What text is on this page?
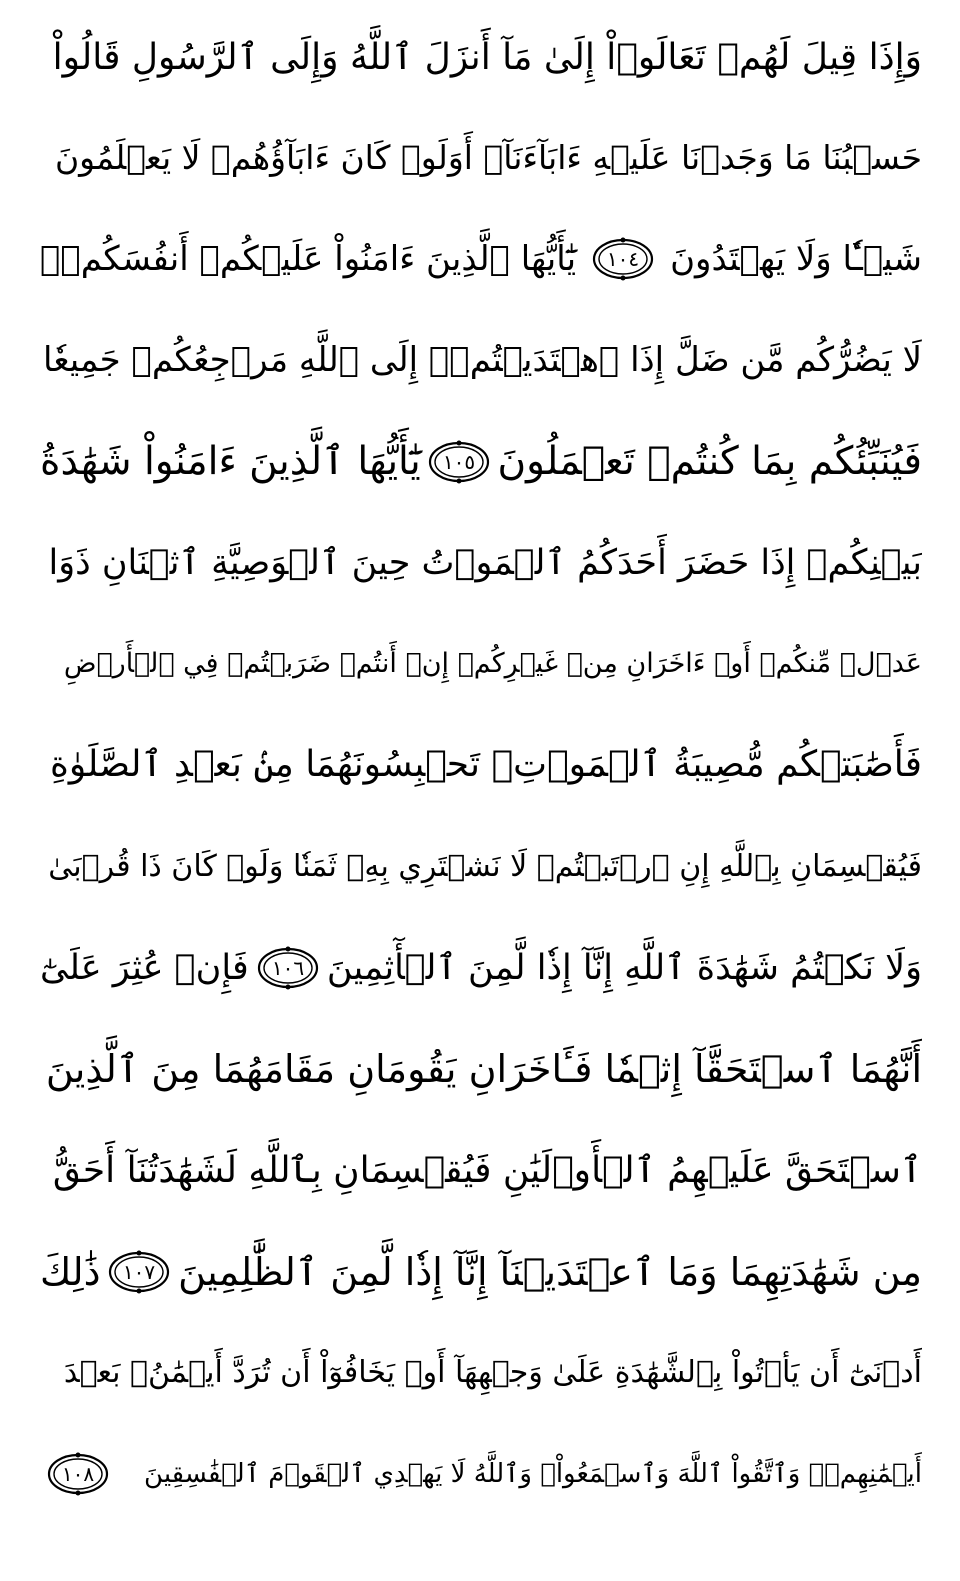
وَإِذَا قِيلَ لَهُمۡ تَعَالَوۡاْ إِلَىٰ مَآ أَنزَلَ ٱللَّهُ وَإِلَى ٱلرَّسُولِ قَالُواْ
حَسۡبُنَا مَا وَجَدۡنَا عَلَيۡهِ ءَابَآءَنَآۚ أَوَلَوۡ كَانَ ءَابَآؤُهُمۡ لَا يَعۡلَمُونَ
شَيۡـٔٗا وَلَا يَهۡتَدُونَ
١٠٤
يَٰٓأَيُّهَا ٱلَّذِينَ ءَامَنُواْ عَلَيۡكُمۡ أَنفُسَكُمۡۖ
لَا يَضُرُّكُم مَّن ضَلَّ إِذَا ٱهۡتَدَيۡتُمۡۚ إِلَى ٱللَّهِ مَرۡجِعُكُمۡ جَمِيعٗا
فَيُنَبِّئُكُم بِمَا كُنتُمۡ تَعۡمَلُونَ
١٠٥
يَٰٓأَيُّهَا ٱلَّذِينَ ءَامَنُواْ شَهَٰدَةُ
بَيۡنِكُمۡ إِذَا حَضَرَ أَحَدَكُمُ ٱلۡمَوۡتُ حِينَ ٱلۡوَصِيَّةِ ٱثۡنَانِ ذَوَا
عَدۡلٖ مِّنكُمۡ أَوۡ ءَاخَرَانِ مِنۡ غَيۡرِكُمۡ إِنۡ أَنتُمۡ ضَرَبۡتُمۡ فِي ٱلۡأَرۡضِ
فَأَصَٰبَتۡكُم مُّصِيبَةُ ٱلۡمَوۡتِۚ تَحۡبِسُونَهُمَا مِنۢ بَعۡدِ ٱلصَّلَوٰةِ
فَيُقۡسِمَانِ بِٱللَّهِ إِنِ ٱرۡتَبۡتُمۡ لَا نَشۡتَرِي بِهِۦ ثَمَنٗا وَلَوۡ كَانَ ذَا قُرۡبَىٰ
وَلَا نَكۡتُمُ شَهَٰدَةَ ٱللَّهِ إِنَّآ إِذٗا لَّمِنَ ٱلۡأٓثِمِينَ
١٠٦
فَإِنۡ عُثِرَ عَلَىٰٓ
أَنَّهُمَا ٱسۡتَحَقَّآ إِثۡمٗا فَـَٔاخَرَانِ يَقُومَانِ مَقَامَهُمَا مِنَ ٱلَّذِينَ
ٱسۡتَحَقَّ عَلَيۡهِمُ ٱلۡأَوۡلَيَٰنِ فَيُقۡسِمَانِ بِٱللَّهِ لَشَهَٰدَتُنَآ أَحَقُّ
مِن شَهَٰدَتِهِمَا وَمَا ٱعۡتَدَيۡنَآ إِنَّآ إِذٗا لَّمِنَ ٱلظَّٰلِمِينَ
١٠٧
ذَٰلِكَ
أَدۡنَىٰٓ أَن يَأۡتُواْ بِٱلشَّهَٰدَةِ عَلَىٰ وَجۡهِهَآ أَوۡ يَخَافُوٓاْ أَن تُرَدَّ أَيۡمَٰنُۢ بَعۡدَ
أَيۡمَٰنِهِمۡۗ وَٱتَّقُواْ ٱللَّهَ وَٱسۡمَعُواْۗ وَٱللَّهُ لَا يَهۡدِي ٱلۡقَوۡمَ ٱلۡفَٰسِقِينَ
١٠٨
